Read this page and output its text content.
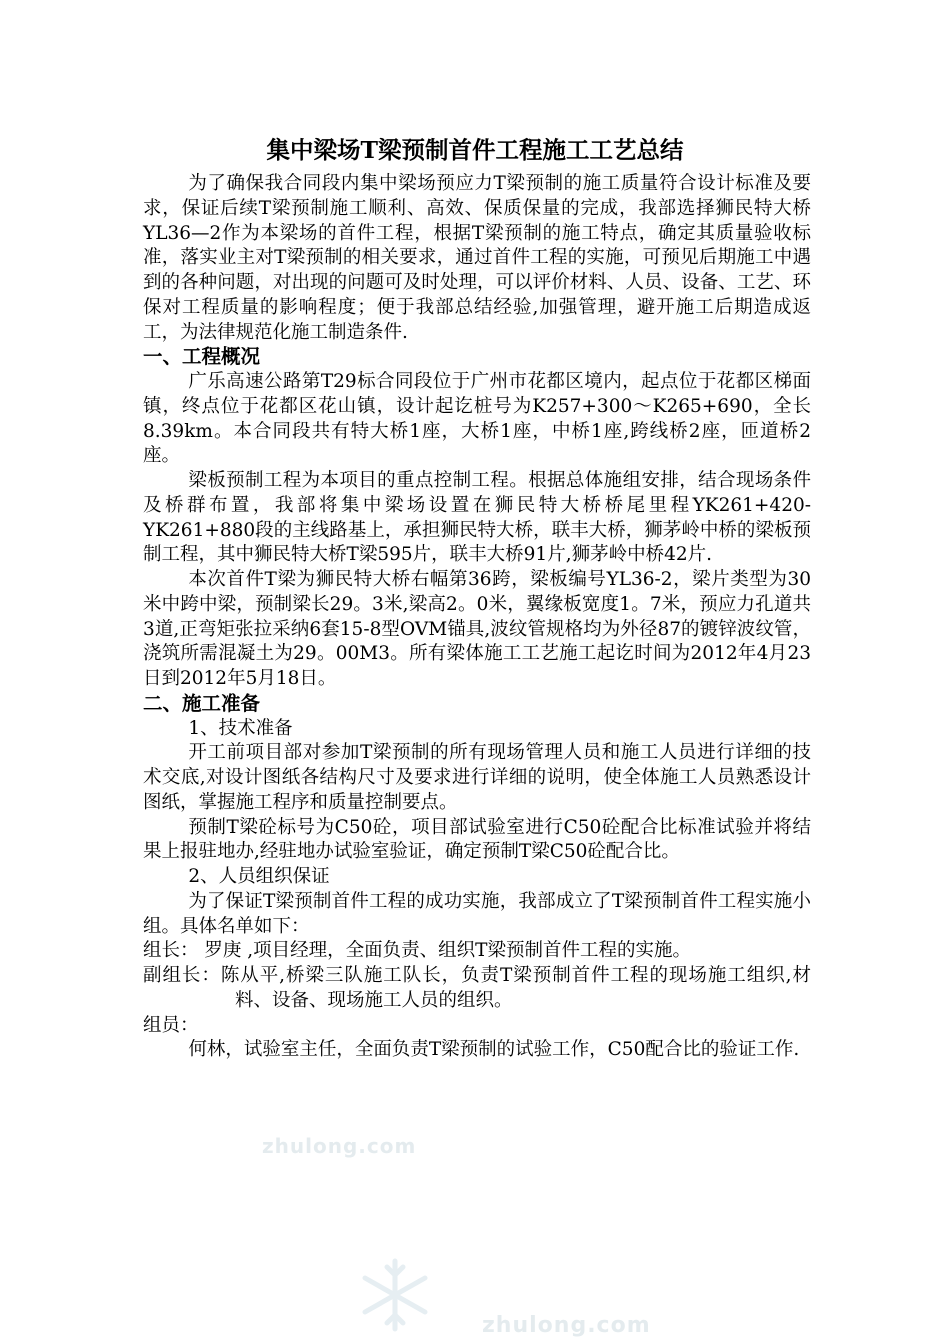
集中梁场T梁预制首件工程施工工艺总结

为了确保我合同段内集中梁场预应力T梁预制的施工质量符合设计标准及要求，保证后续T梁预制施工顺利、高效、保质保量的完成，我部选择狮民特大桥YL36—2作为本梁场的首件工程，根据T梁预制的施工特点，确定其质量验收标准，落实业主对T梁预制的相关要求，通过首件工程的实施，可预见后期施工中遇到的各种问题，对出现的问题可及时处理，可以评价材料、人员、设备、工艺、环保对工程质量的影响程度；便于我部总结经验,加强管理，避开施工后期造成返工，为法律规范化施工制造条件.

一、工程概况

广乐高速公路第T29标合同段位于广州市花都区境内，起点位于花都区梯面镇，终点位于花都区花山镇，设计起讫桩号为K257+300～K265+690，全长8.39km。本合同段共有特大桥1座，大桥1座，中桥1座,跨线桥2座，匝道桥2座。

梁板预制工程为本项目的重点控制工程。根据总体施组安排，结合现场条件及桥群布置，我部将集中梁场设置在狮民特大桥桥尾里程YK261+420-YK261+880段的主线路基上，承担狮民特大桥，联丰大桥，狮茅岭中桥的梁板预制工程，其中狮民特大桥T梁595片，联丰大桥91片,狮茅岭中桥42片.

本次首件T梁为狮民特大桥右幅第36跨，梁板编号YL36-2，梁片类型为30米中跨中梁，预制梁长29。3米,梁高2。0米，翼缘板宽度1。7米，预应力孔道共3道,正弯矩张拉采纳6套15-8型OVM锚具,波纹管规格均为外径87的镀锌波纹管，浇筑所需混凝土为29。00M3。所有梁体施工工艺施工起讫时间为2012年4月23日到2012年5月18日。

二、施工准备

1、技术准备

开工前项目部对参加T梁预制的所有现场管理人员和施工人员进行详细的技术交底,对设计图纸各结构尺寸及要求进行详细的说明，使全体施工人员熟悉设计图纸，掌握施工程序和质量控制要点。

预制T梁砼标号为C50砼，项目部试验室进行C50砼配合比标准试验并将结果上报驻地办,经驻地办试验室验证，确定预制T梁C50砼配合比。

2、人员组织保证

为了保证T梁预制首件工程的成功实施，我部成立了T梁预制首件工程实施小组。具体名单如下：

组长： 罗庚 ,项目经理，全面负责、组织T梁预制首件工程的实施。

副组长：陈从平,桥梁三队施工队长，负责T梁预制首件工程的现场施工组织,材料、设备、现场施工人员的组织。

组员：

何林，试验室主任，全面负责T梁预制的试验工作，C50配合比的验证工作.

zhulong.com
zhulong.com
